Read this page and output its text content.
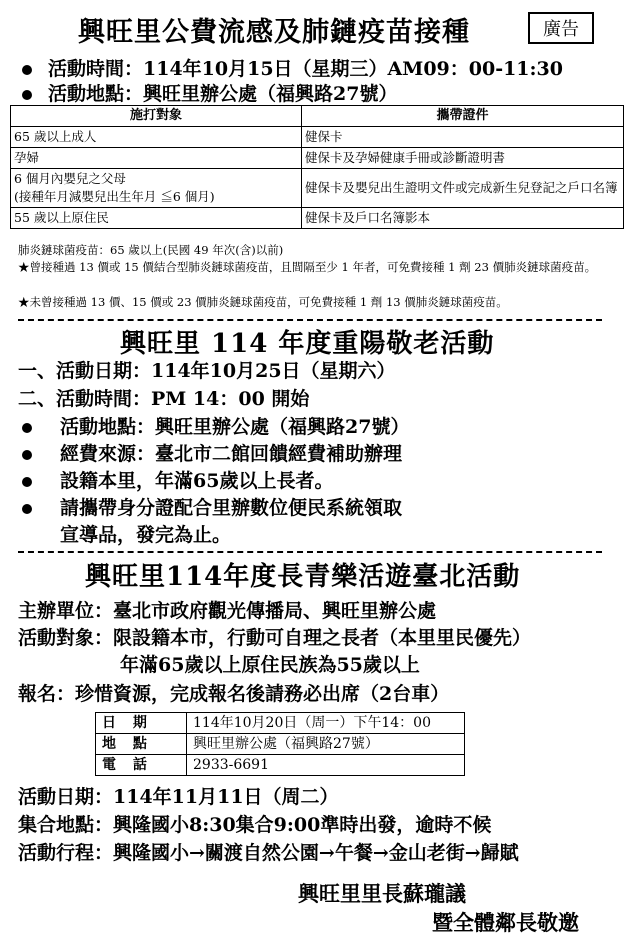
興旺里公費流感及肺鏈疫苗接種	廣告
活動時間：114年10月15日（星期三）AM09：00-11:30
活動地點：興旺里辦公處（福興路27號）
施打對象	攜帶證件
65 歲以上成人	健保卡
孕婦	健保卡及孕婦健康手冊或診斷證明書
6 個月內嬰兒之父母
(接種年月減嬰兒出生年月 ≦6 個月)	健保卡及嬰兒出生證明文件或完成新生兒登記之戶口名簿
55 歲以上原住民	健保卡及戶口名簿影本
肺炎鏈球菌疫苗：65 歲以上(民國 49 年次(含)以前)
★曾接種過 13 價或 15 價結合型肺炎鏈球菌疫苗，且間隔至少 1 年者，可免費接種 1 劑 23 價肺炎鏈球菌疫苗。
★未曾接種過 13 價、15 價或 23 價肺炎鏈球菌疫苗，可免費接種 1 劑 13 價肺炎鏈球菌疫苗。
興旺里 114 年度重陽敬老活動
一、活動日期：114年10月25日（星期六）
二、活動時間：PM 14：00 開始
活動地點：興旺里辦公處（福興路27號）
經費來源：臺北市二館回饋經費補助辦理
設籍本里，年滿65歲以上長者。
請攜帶身分證配合里辦數位便民系統領取
宣導品，發完為止。
興旺里114年度長青樂活遊臺北活動
主辦單位：臺北市政府觀光傳播局、興旺里辦公處
活動對象：限設籍本市，行動可自理之長者（本里里民優先）
年滿65歲以上原住民族為55歲以上
報名：珍惜資源，完成報名後請務必出席（2台車）
日 期	114年10月20日（周一）下午14：00
地 點	興旺里辦公處（福興路27號）
電 話	2933-6691
活動日期：114年11月11日（周二）
集合地點：興隆國小8:30集合9:00準時出發，逾時不候
活動行程：興隆國小→關渡自然公園→午餐→金山老街→歸賦
興旺里里長蘇瓏議
暨全體鄰長敬邀
